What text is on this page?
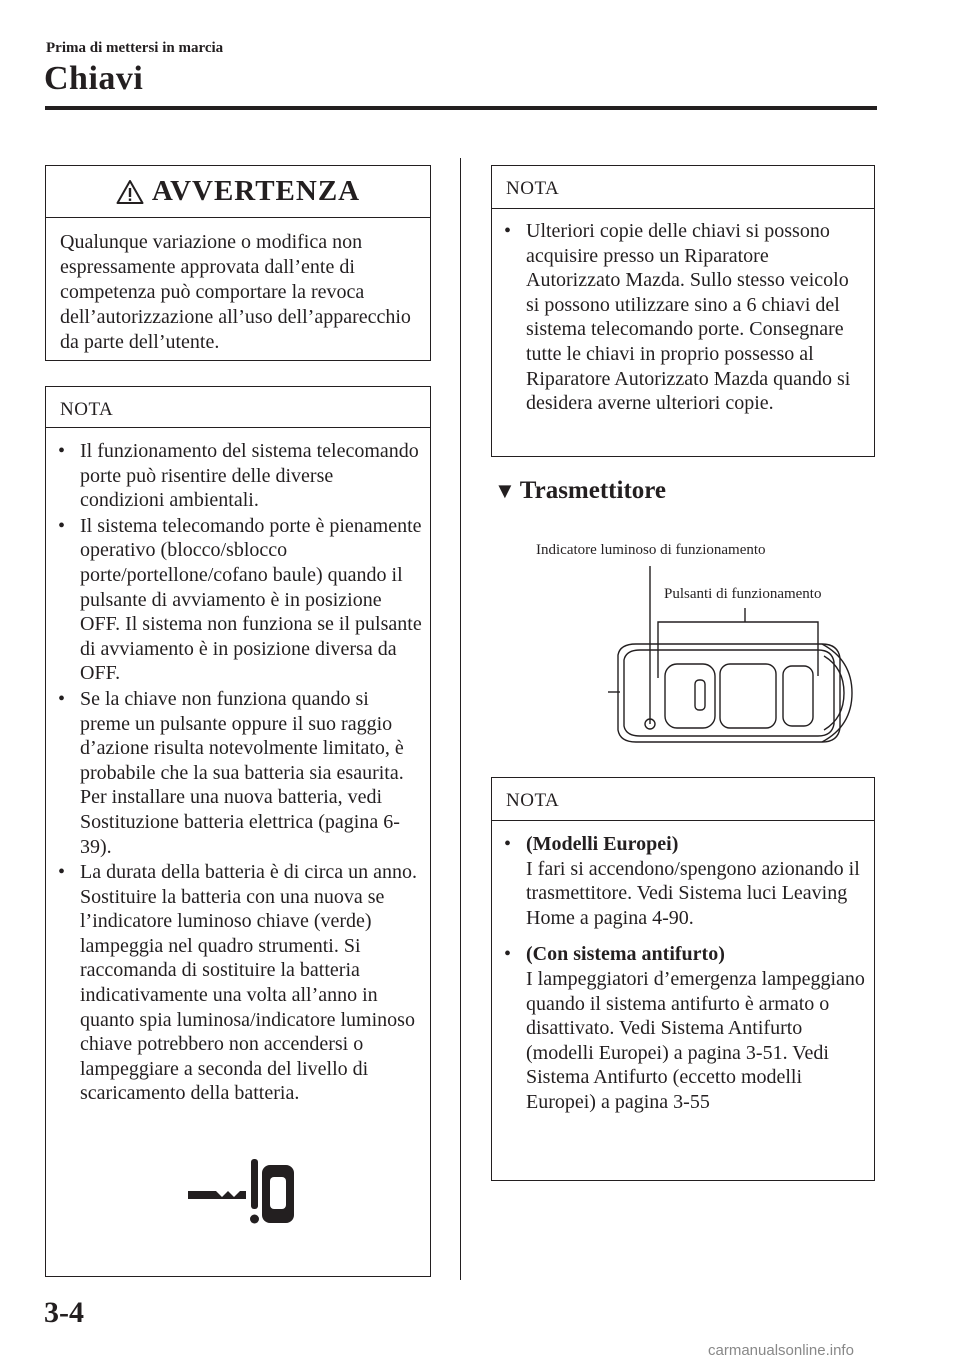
Prima di mettersi in marcia
Chiavi
AVVERTENZA
Qualunque variazione o modifica non espressamente approvata dall’ente di competenza può comportare la revoca dell’autorizzazione all’uso dell’apparecchio da parte dell’utente.
NOTA
• Il funzionamento del sistema telecomando porte può risentire delle diverse condizioni ambientali.
• Il sistema telecomando porte è pienamente operativo (blocco/sblocco porte/portellone/cofano baule) quando il pulsante di avviamento è in posizione OFF. Il sistema non funziona se il pulsante di avviamento è in posizione diversa da OFF.
• Se la chiave non funziona quando si preme un pulsante oppure il suo raggio d’azione risulta notevolmente limitato, è probabile che la sua batteria sia esaurita. Per installare una nuova batteria, vedi Sostituzione batteria elettrica (pagina 6-39).
• La durata della batteria è di circa un anno. Sostituire la batteria con una nuova se l’indicatore luminoso chiave (verde) lampeggia nel quadro strumenti. Si raccomanda di sostituire la batteria indicativamente una volta all’anno in quanto spia luminosa/indicatore luminoso chiave potrebbero non accendersi o lampeggiare a seconda del livello di scaricamento della batteria.
NOTA
• Ulteriori copie delle chiavi si possono acquisire presso un Riparatore Autorizzato Mazda. Sullo stesso veicolo si possono utilizzare sino a 6 chiavi del sistema telecomando porte. Consegnare tutte le chiavi in proprio possesso al Riparatore Autorizzato Mazda quando si desidera averne ulteriori copie.
▼ Trasmettitore
Indicatore luminoso di funzionamento
Pulsanti di funzionamento
NOTA
• (Modelli Europei)
I fari si accendono/spengono azionando il trasmettitore. Vedi Sistema luci Leaving Home a pagina 4-90.
• (Con sistema antifurto)
I lampeggiatori d’emergenza lampeggiano quando il sistema antifurto è armato o disattivato. Vedi Sistema Antifurto (modelli Europei) a pagina 3-51. Vedi Sistema Antifurto (eccetto modelli Europei) a pagina 3-55
3-4
carmanualsonline.info
